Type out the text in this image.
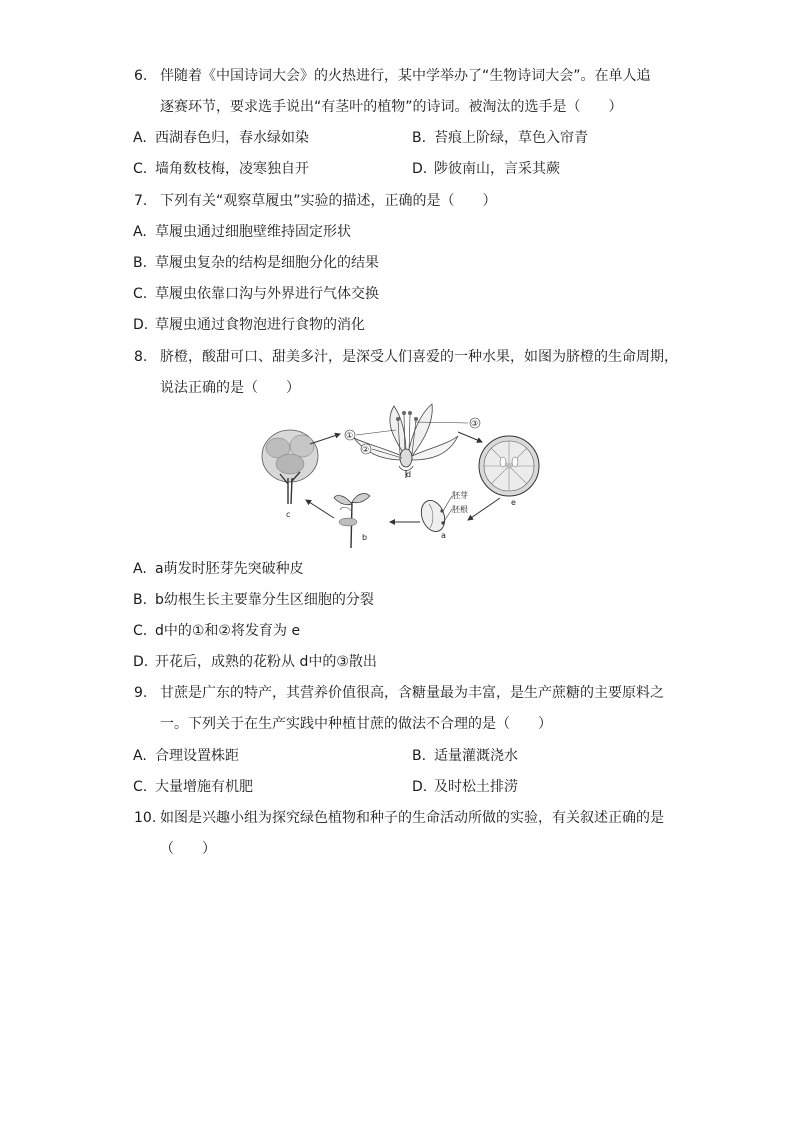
6. 伴随着《中国诗词大会》的火热进行，某中学举办了“生物诗词大会”。在单人追
逐赛环节，要求选手说出“有茎叶的植物”的诗词。被淘汰的选手是（　　）
A. 西湖春色归，春水绿如染	B. 苔痕上阶绿，草色入帘青
C. 墙角数枝梅，凌寒独自开	D. 陟彼南山，言采其蕨
7. 下列有关“观察草履虫”实验的描述，正确的是（　　）
A. 草履虫通过细胞壁维持固定形状
B. 草履虫复杂的结构是细胞分化的结果
C. 草履虫依靠口沟与外界进行气体交换
D. 草履虫通过食物泡进行食物的消化
8. 脐橙，酸甜可口、甜美多汁，是深受人们喜爱的一种水果，如图为脐橙的生命周期，
说法正确的是（　　）
c
①
②
③
d
e
胚芽
胚根
a
b
A. a萌发时胚芽先突破种皮
B. b幼根生长主要靠分生区细胞的分裂
C. d中的①和②将发育为 e
D. 开花后，成熟的花粉从 d中的③散出
9. 甘蔗是广东的特产，其营养价值很高，含糖量最为丰富，是生产蔗糖的主要原料之
一。下列关于在生产实践中种植甘蔗的做法不合理的是（　　）
A. 合理设置株距	B. 适量灌溉浇水
C. 大量增施有机肥	D. 及时松土排涝
10. 如图是兴趣小组为探究绿色植物和种子的生命活动所做的实验，有关叙述正确的是
（　　）
